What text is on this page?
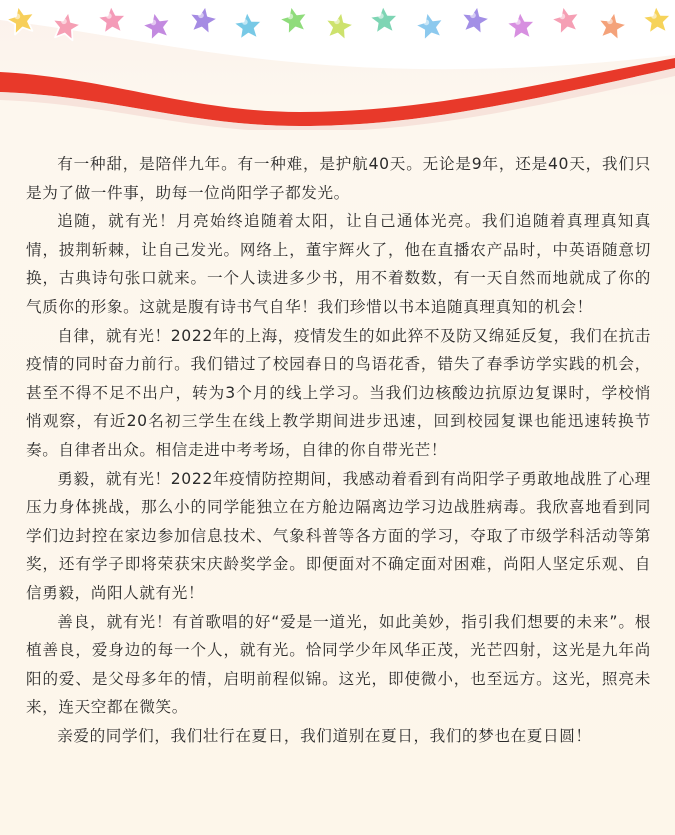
有一种甜，是陪伴九年。有一种难，是护航40天。无论是9年，还是40天，我们只是为了做一件事，助每一位尚阳学子都发光。

追随，就有光！月亮始终追随着太阳，让自己通体光亮。我们追随着真理真知真情，披荆斩棘，让自己发光。网络上，董宇辉火了，他在直播农产品时，中英语随意切换，古典诗句张口就来。一个人读进多少书，用不着数数，有一天自然而地就成了你的气质你的形象。这就是腹有诗书气自华！我们珍惜以书本追随真理真知的机会！

自律，就有光！2022年的上海，疫情发生的如此猝不及防又绵延反复，我们在抗击疫情的同时奋力前行。我们错过了校园春日的鸟语花香，错失了春季访学实践的机会，甚至不得不足不出户，转为3个月的线上学习。当我们边核酸边抗原边复课时，学校悄悄观察，有近20名初三学生在线上教学期间进步迅速，回到校园复课也能迅速转换节奏。自律者出众。相信走进中考考场，自律的你自带光芒！

勇毅，就有光！2022年疫情防控期间，我感动着看到有尚阳学子勇敢地战胜了心理压力身体挑战，那么小的同学能独立在方舱边隔离边学习边战胜病毒。我欣喜地看到同学们边封控在家边参加信息技术、气象科普等各方面的学习，夺取了市级学科活动等第奖，还有学子即将荣获宋庆龄奖学金。即便面对不确定面对困难，尚阳人坚定乐观、自信勇毅，尚阳人就有光！

善良，就有光！有首歌唱的好“爱是一道光，如此美妙，指引我们想要的未来”。根植善良，爱身边的每一个人，就有光。恰同学少年风华正茂，光芒四射，这光是九年尚阳的爱、是父母多年的情，启明前程似锦。这光，即使微小，也至远方。这光，照亮未来，连天空都在微笑。

亲爱的同学们，我们壮行在夏日，我们道别在夏日，我们的梦也在夏日圆！
